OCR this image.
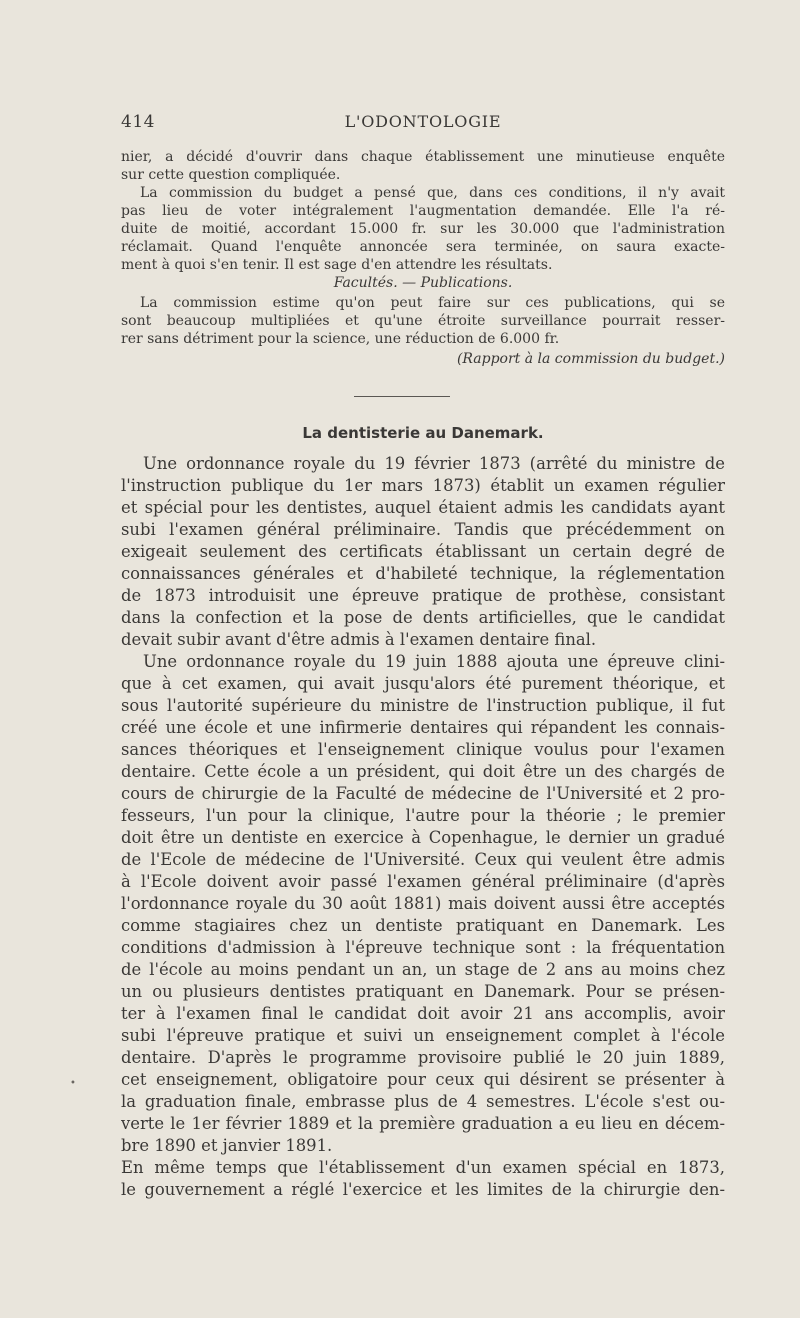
414	L'ODONTOLOGIE
nier, a décidé d'ouvrir dans chaque établissement une minutieuse enquête
sur cette question compliquée.
La commission du budget a pensé que, dans ces conditions, il n'y avait
pas lieu de voter intégralement l'augmentation demandée. Elle l'a ré-
duite de moitié, accordant 15.000 fr. sur les 30.000 que l'administration
réclamait. Quand l'enquête annoncée sera terminée, on saura exacte-
ment à quoi s'en tenir. Il est sage d'en attendre les résultats.
Facultés. — Publications.
La commission estime qu'on peut faire sur ces publications, qui se
sont beaucoup multipliées et qu'une étroite surveillance pourrait resser-
rer sans détriment pour la science, une réduction de 6.000 fr.
(Rapport à la commission du budget.)
La dentisterie au Danemark.
Une ordonnance royale du 19 février 1873 (arrêté du ministre de
l'instruction publique du 1er mars 1873) établit un examen régulier
et spécial pour les dentistes, auquel étaient admis les candidats ayant
subi l'examen général préliminaire. Tandis que précédemment on
exigeait seulement des certificats établissant un certain degré de
connaissances générales et d'habileté technique, la réglementation
de 1873 introduisit une épreuve pratique de prothèse, consistant
dans la confection et la pose de dents artificielles, que le candidat
devait subir avant d'être admis à l'examen dentaire final.
Une ordonnance royale du 19 juin 1888 ajouta une épreuve clini-
que à cet examen, qui avait jusqu'alors été purement théorique, et
sous l'autorité supérieure du ministre de l'instruction publique, il fut
créé une école et une infirmerie dentaires qui répandent les connais-
sances théoriques et l'enseignement clinique voulus pour l'examen
dentaire. Cette école a un président, qui doit être un des chargés de
cours de chirurgie de la Faculté de médecine de l'Université et 2 pro-
fesseurs, l'un pour la clinique, l'autre pour la théorie ; le premier
doit être un dentiste en exercice à Copenhague, le dernier un gradué
de l'Ecole de médecine de l'Université. Ceux qui veulent être admis
à l'Ecole doivent avoir passé l'examen général préliminaire (d'après
l'ordonnance royale du 30 août 1881) mais doivent aussi être acceptés
comme stagiaires chez un dentiste pratiquant en Danemark. Les
conditions d'admission à l'épreuve technique sont : la fréquentation
de l'école au moins pendant un an, un stage de 2 ans au moins chez
un ou plusieurs dentistes pratiquant en Danemark. Pour se présen-
ter à l'examen final le candidat doit avoir 21 ans accomplis, avoir
subi l'épreuve pratique et suivi un enseignement complet à l'école
dentaire. D'après le programme provisoire publié le 20 juin 1889,
cet enseignement, obligatoire pour ceux qui désirent se présenter à
la graduation finale, embrasse plus de 4 semestres. L'école s'est ou-
verte le 1er février 1889 et la première graduation a eu lieu en décem-
bre 1890 et janvier 1891.
En même temps que l'établissement d'un examen spécial en 1873,
le gouvernement a réglé l'exercice et les limites de la chirurgie den-
•
